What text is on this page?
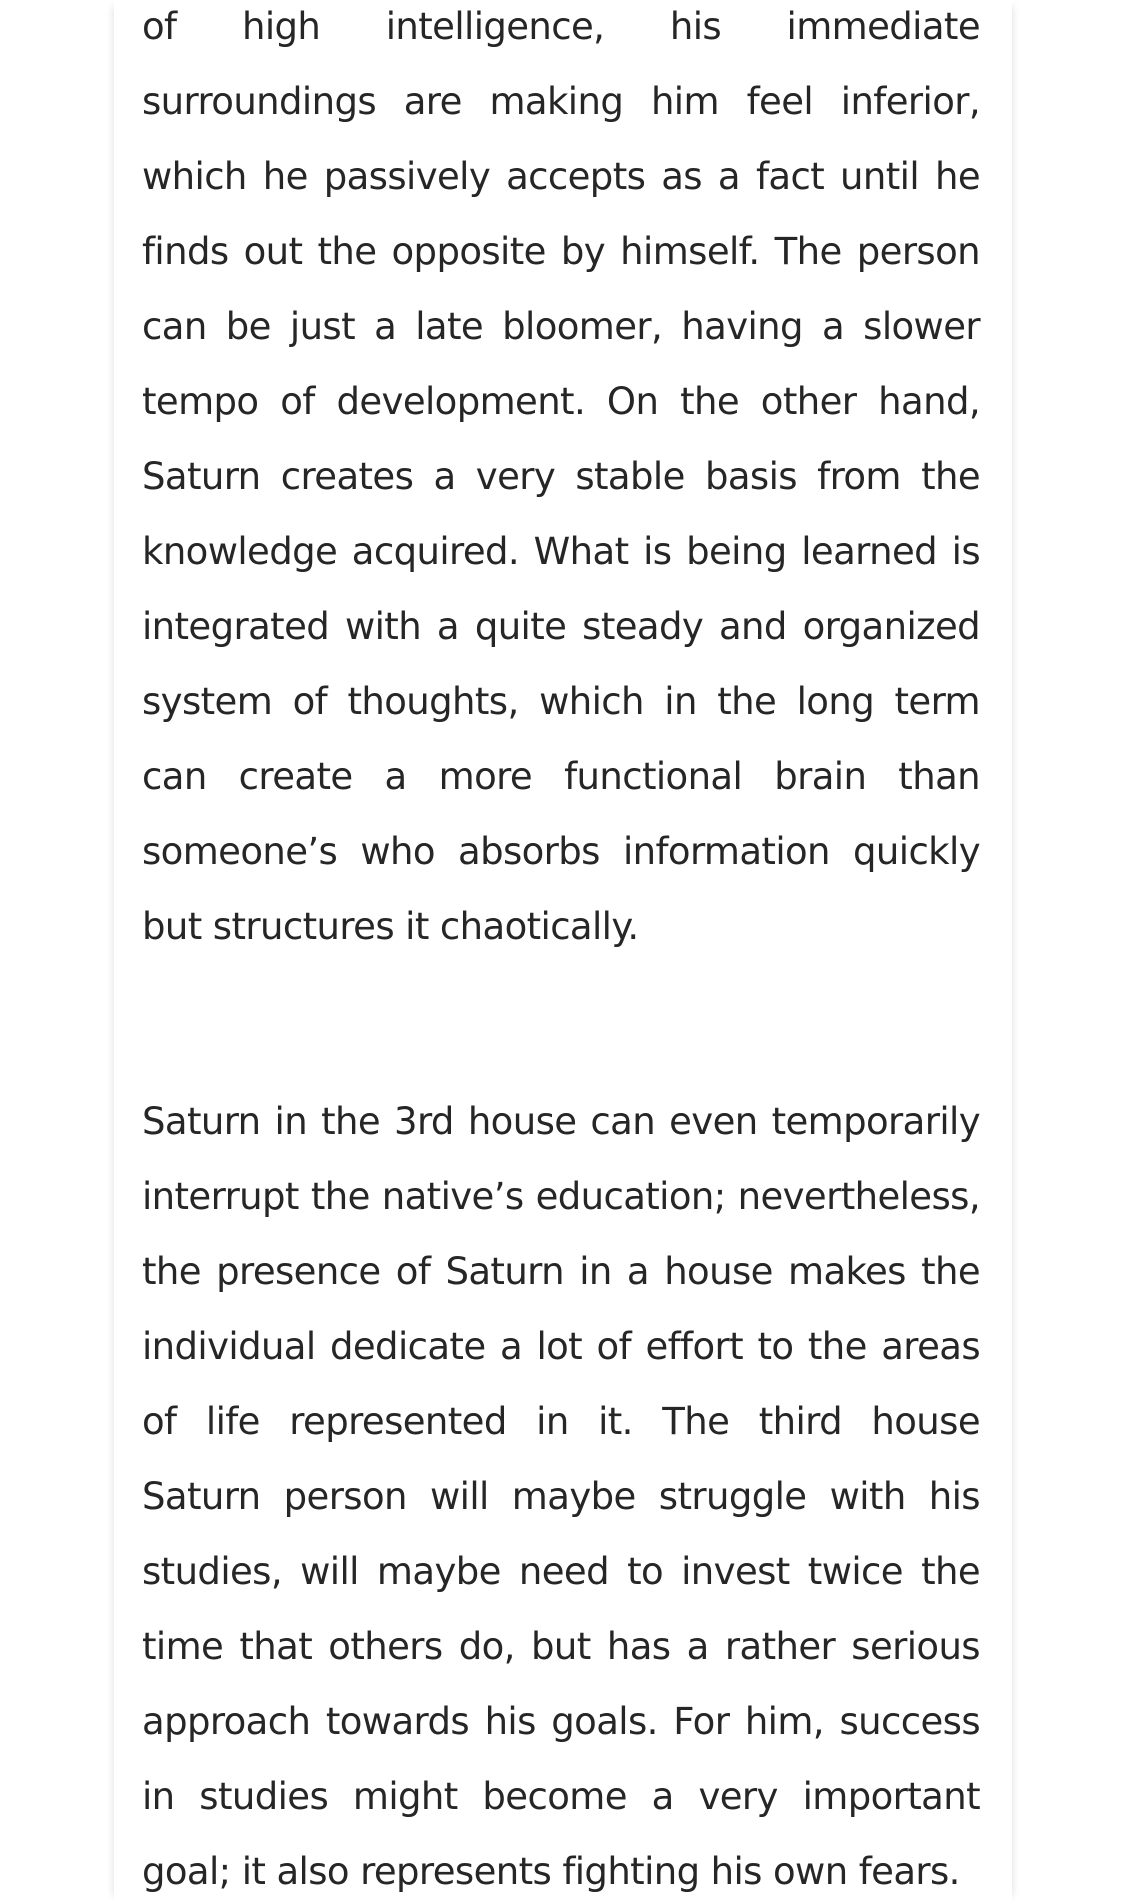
of high intelligence, his immediate surroundings are making him feel inferior, which he passively accepts as a fact until he finds out the opposite by himself. The person can be just a late bloomer, having a slower tempo of development. On the other hand, Saturn creates a very stable basis from the knowledge acquired. What is being learned is integrated with a quite steady and organized system of thoughts, which in the long term can create a more functional brain than someone’s who absorbs information quickly but structures it chaotically.

Saturn in the 3rd house can even temporarily interrupt the native’s education; nevertheless, the presence of Saturn in a house makes the individual dedicate a lot of effort to the areas of life represented in it. The third house Saturn person will maybe struggle with his studies, will maybe need to invest twice the time that others do, but has a rather serious approach towards his goals. For him, success in studies might become a very important goal; it also represents fighting his own fears.
